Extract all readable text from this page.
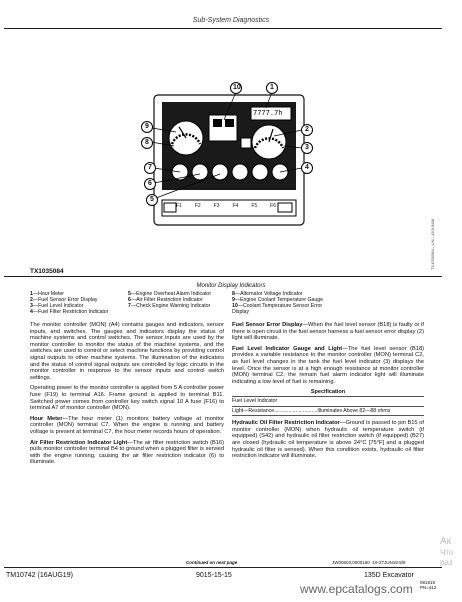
Sub-System Diagnostics
7777.7h
F1	F2	F3	F4	F5	F6
10	1
9
8
7
6
5
2
3
4
TX1035084—UN—16JUN08
TX1035084
Monitor Display Indicators
1—Hour Meter
2—Fuel Sensor Error Display
3—Fuel Level Indicator
4—Fuel Filter Restriction Indicator
5—Engine Overheat Alarm Indicator
6—Air Filter Restriction Indicator
7—Check Engine Warning Indicator
8—Alternator Voltage Indicator
9—Engine Coolant Temperature Gauge
10—Coolant Temperature Sensor Error Display

The monitor controller (MON) (A4) contains gauges and indicators, sensor inputs, and switches. The gauges and indicators display the status of machine systems and control switches. The sensor inputs are used by the monitor controller to monitor the status of the machine systems, and the switches are used to control or select machine functions by providing control signal outputs to other machine systems. The illumination of the indicators and the status of control signal outputs are controlled by logic circuits in the monitor controller in response to the sensor inputs and control switch settings.

Operating power to the monitor controller is applied from 5 A controller power fuse (F19) to terminal A16. Frame ground is applied to terminal B11. Switched power comes from controller key switch signal 10 A fuse (F16) to terminal A7 of monitor controller (MON).

Hour Meter—The hour meter (1) monitors battery voltage at monitor controller (MON) terminal C7. When the engine is running and battery voltage is present at terminal C7, the hour meter records hours of operation.

Air Filter Restriction Indicator Light—The air filter restriction switch (B16) pulls monitor controller terminal B4 to ground when a plugged filter is sensed with the engine running, causing the air filter restriction indicator (6) to illuminate.

Fuel Sensor Error Display—When the fuel level sensor (B18) is faulty or if there is open circuit in the fuel sensor harness a fuel sensor error display (2) light will illuminate.

Fuel Level Indicator Gauge and Light—The fuel level sensor (B18) provides a variable resistance to the monitor controller (MON) terminal C2, as fuel level changes in the tank the fuel level indicator (3) displays the level. Once the sensor is at a high enough resistance at monitor controller (MON) terminal C2, the remain fuel alarm indicator light will illuminate indicating a low level of fuel is remaining.

Specification
Fuel Level Indicator
Light—Resistance..............................Illuminates Above 82—88 ohms

Hydraulic Oil Filter Restriction Indicator—Ground is passed to pin B15 of monitor controller (MON) when hydraulic oil temperature switch (if equipped) (S42) and hydraulic oil filter restriction switch (if equipped) (B27) are closed (hydraulic oil temperature is above 24°C [75°F] and a plugged hydraulic oil filter is sensed). When this condition exists, hydraulic oil filter restriction indicator will illuminate.

Continued on next page	JW00603,0000180 -19-27JUN18-5/8
TM10742 (16AUG19)	9015-15-15	135D Excavator
081919
PN=412
www.epcatalogs.com
Ак
Что
раз
